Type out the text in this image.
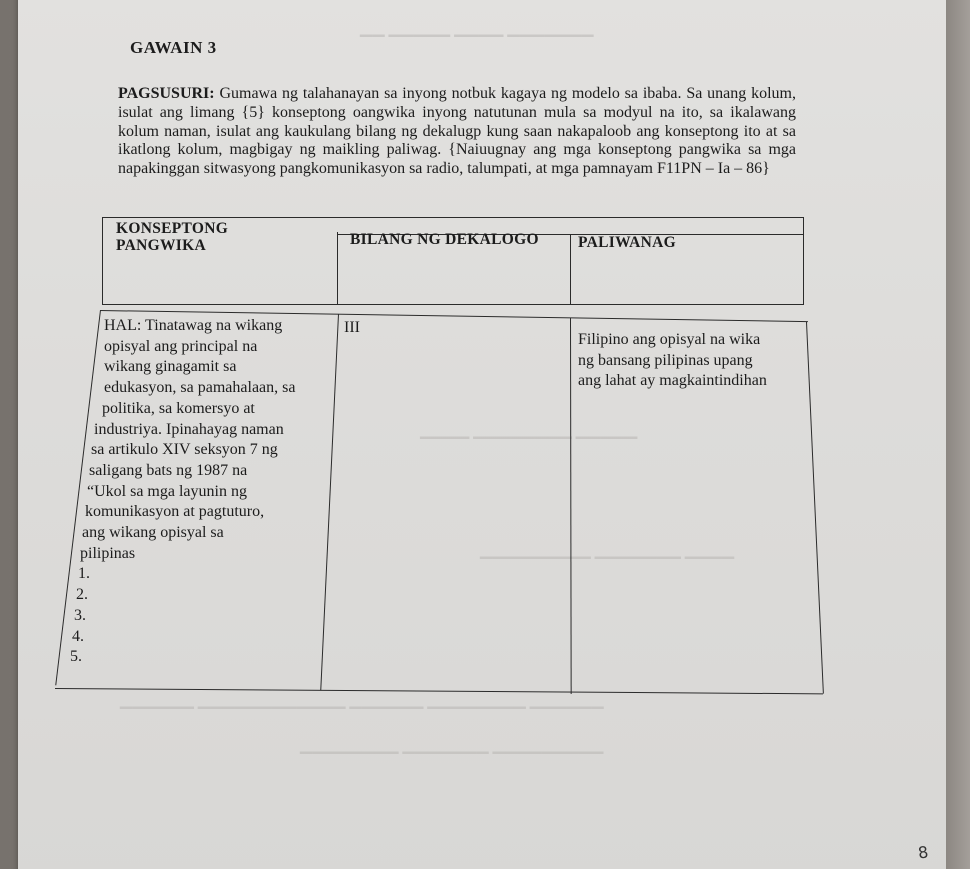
▁▁▁▁▁▁▁ ▁▁▁▁ ▁▁▁▁▁ ▁▁
▁▁▁▁▁ ▁▁▁▁▁▁▁▁ ▁▁▁▁
▁▁▁▁ ▁▁▁▁▁▁▁ ▁▁▁▁▁▁▁▁▁
▁▁▁▁▁▁ ▁▁▁▁▁▁▁▁ ▁▁▁▁▁▁ ▁▁▁▁▁▁▁▁▁▁▁▁ ▁▁▁▁▁▁
▁▁▁▁▁▁▁▁▁ ▁▁▁▁▁▁▁ ▁▁▁▁▁▁▁▁
GAWAIN 3

PAGSUSURI: Gumawa ng talahanayan sa inyong notbuk kagaya ng modelo sa ibaba. Sa unang kolum, isulat ang limang {5} konseptong oangwika inyong natutunan mula sa modyul na ito, sa ikalawang kolum naman, isulat ang kaukulang bilang ng dekalugp kung saan nakapaloob ang konseptong ito at sa ikatlong kolum, magbigay ng maikling paliwag. {Naiuugnay ang mga konseptong pangwika sa mga napakinggan sitwasyong pangkomunikasyon sa radio, talumpati, at mga pamnayam F11PN – Ia – 86}

KONSEPTONG
PANGWIKA	BILANG NG DEKALOGO	PALIWANAG
HAL: Tinatawag na wikang
opisyal ang principal na
wikang ginagamit sa
edukasyon, sa pamahalaan, sa
politika, sa komersyo at
industriya. Ipinahayag naman
sa artikulo XIV seksyon 7 ng
saligang bats ng 1987 na
“Ukol sa mga layunin ng
komunikasyon at pagtuturo,
ang wikang opisyal sa
pilipinas
1.
2.
3.
4.
5.
III
Filipino ang opisyal na wika
ng bansang pilipinas upang
ang lahat ay magkaintindihan
8
